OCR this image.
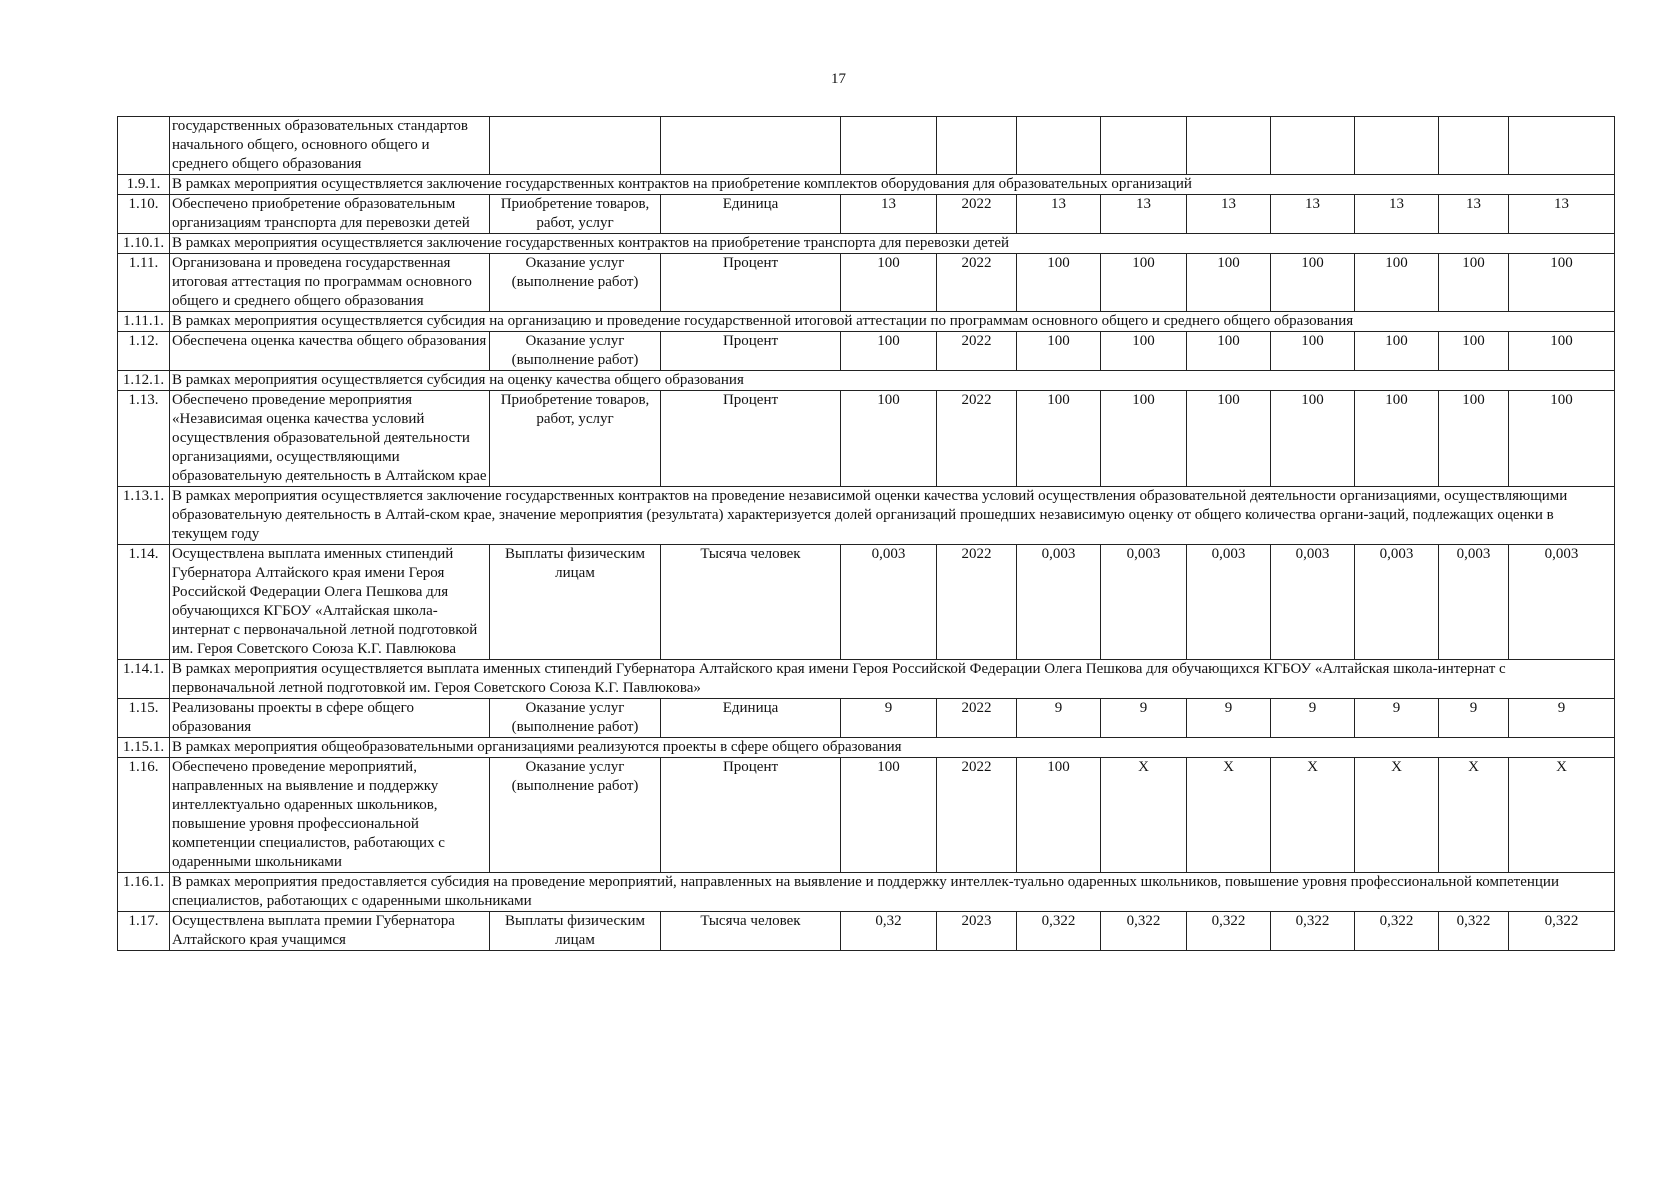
17
	государственных образовательных стандартов начального общего, основного общего и среднего общего образования											
1.9.1.	В рамках мероприятия осуществляется заключение государственных контрактов на приобретение комплектов оборудования для образовательных организаций											
1.10.	Обеспечено приобретение образовательным организациям транспорта для перевозки детей	Приобретение товаров, работ, услуг	Единица	13	2022	13	13	13	13	13	13	13
1.10.1.	В рамках мероприятия осуществляется заключение государственных контрактов на приобретение транспорта для перевозки детей											
1.11.	Организована и проведена государственная итоговая аттестация по программам основного общего и среднего общего образования	Оказание услуг (выполнение работ)	Процент	100	2022	100	100	100	100	100	100	100
1.11.1.	В рамках мероприятия осуществляется субсидия на организацию и проведение государственной итоговой аттестации по программам основного общего и среднего общего образования											
1.12.	Обеспечена оценка качества общего образования	Оказание услуг (выполнение работ)	Процент	100	2022	100	100	100	100	100	100	100
1.12.1.	В рамках мероприятия осуществляется субсидия на оценку качества общего образования											
1.13.	Обеспечено проведение мероприятия «Независимая оценка качества условий осуществления образовательной деятельности организациями, осуществляющими образовательную деятельность в Алтайском крае	Приобретение товаров, работ, услуг	Процент	100	2022	100	100	100	100	100	100	100
1.13.1.	В рамках мероприятия осуществляется заключение государственных контрактов на проведение независимой оценки качества условий осуществления образовательной деятельности организациями, осуществляющими образовательную деятельность в Алтай-ском крае, значение мероприятия (результата) характеризуется долей организаций прошедших независимую оценку от общего количества органи-заций, подлежащих оценки в текущем году											
1.14.	Осуществлена выплата именных стипендий Губернатора Алтайского края имени Героя Российской Федерации Олега Пешкова для обучающихся КГБОУ «Алтайская школа-интернат с первоначальной летной подготовкой им. Героя Советского Союза К.Г. Павлюкова	Выплаты физическим лицам	Тысяча человек	0,003	2022	0,003	0,003	0,003	0,003	0,003	0,003	0,003
1.14.1.	В рамках мероприятия осуществляется выплата именных стипендий Губернатора Алтайского края имени Героя Российской Федерации Олега Пешкова для обучающихся КГБОУ «Алтайская школа-интернат с первоначальной летной подготовкой им. Героя Советского Союза К.Г. Павлюкова»											
1.15.	Реализованы проекты в сфере общего образования	Оказание услуг (выполнение работ)	Единица	9	2022	9	9	9	9	9	9	9
1.15.1.	В рамках мероприятия общеобразовательными организациями реализуются проекты в сфере общего образования											
1.16.	Обеспечено проведение мероприятий, направленных на выявление и поддержку интеллектуально одаренных школьников, повышение уровня профессиональной компетенции специалистов, работающих с одаренными школьниками	Оказание услуг (выполнение работ)	Процент	100	2022	100	Х	Х	Х	Х	Х	Х
1.16.1.	В рамках мероприятия предоставляется субсидия на проведение мероприятий, направленных на выявление и поддержку интеллек-туально одаренных школьников, повышение уровня профессиональной компетенции специалистов, работающих с одаренными школьниками											
1.17.	Осуществлена выплата премии Губернатора Алтайского края учащимся	Выплаты физическим лицам	Тысяча человек	0,32	2023	0,322	0,322	0,322	0,322	0,322	0,322	0,322
